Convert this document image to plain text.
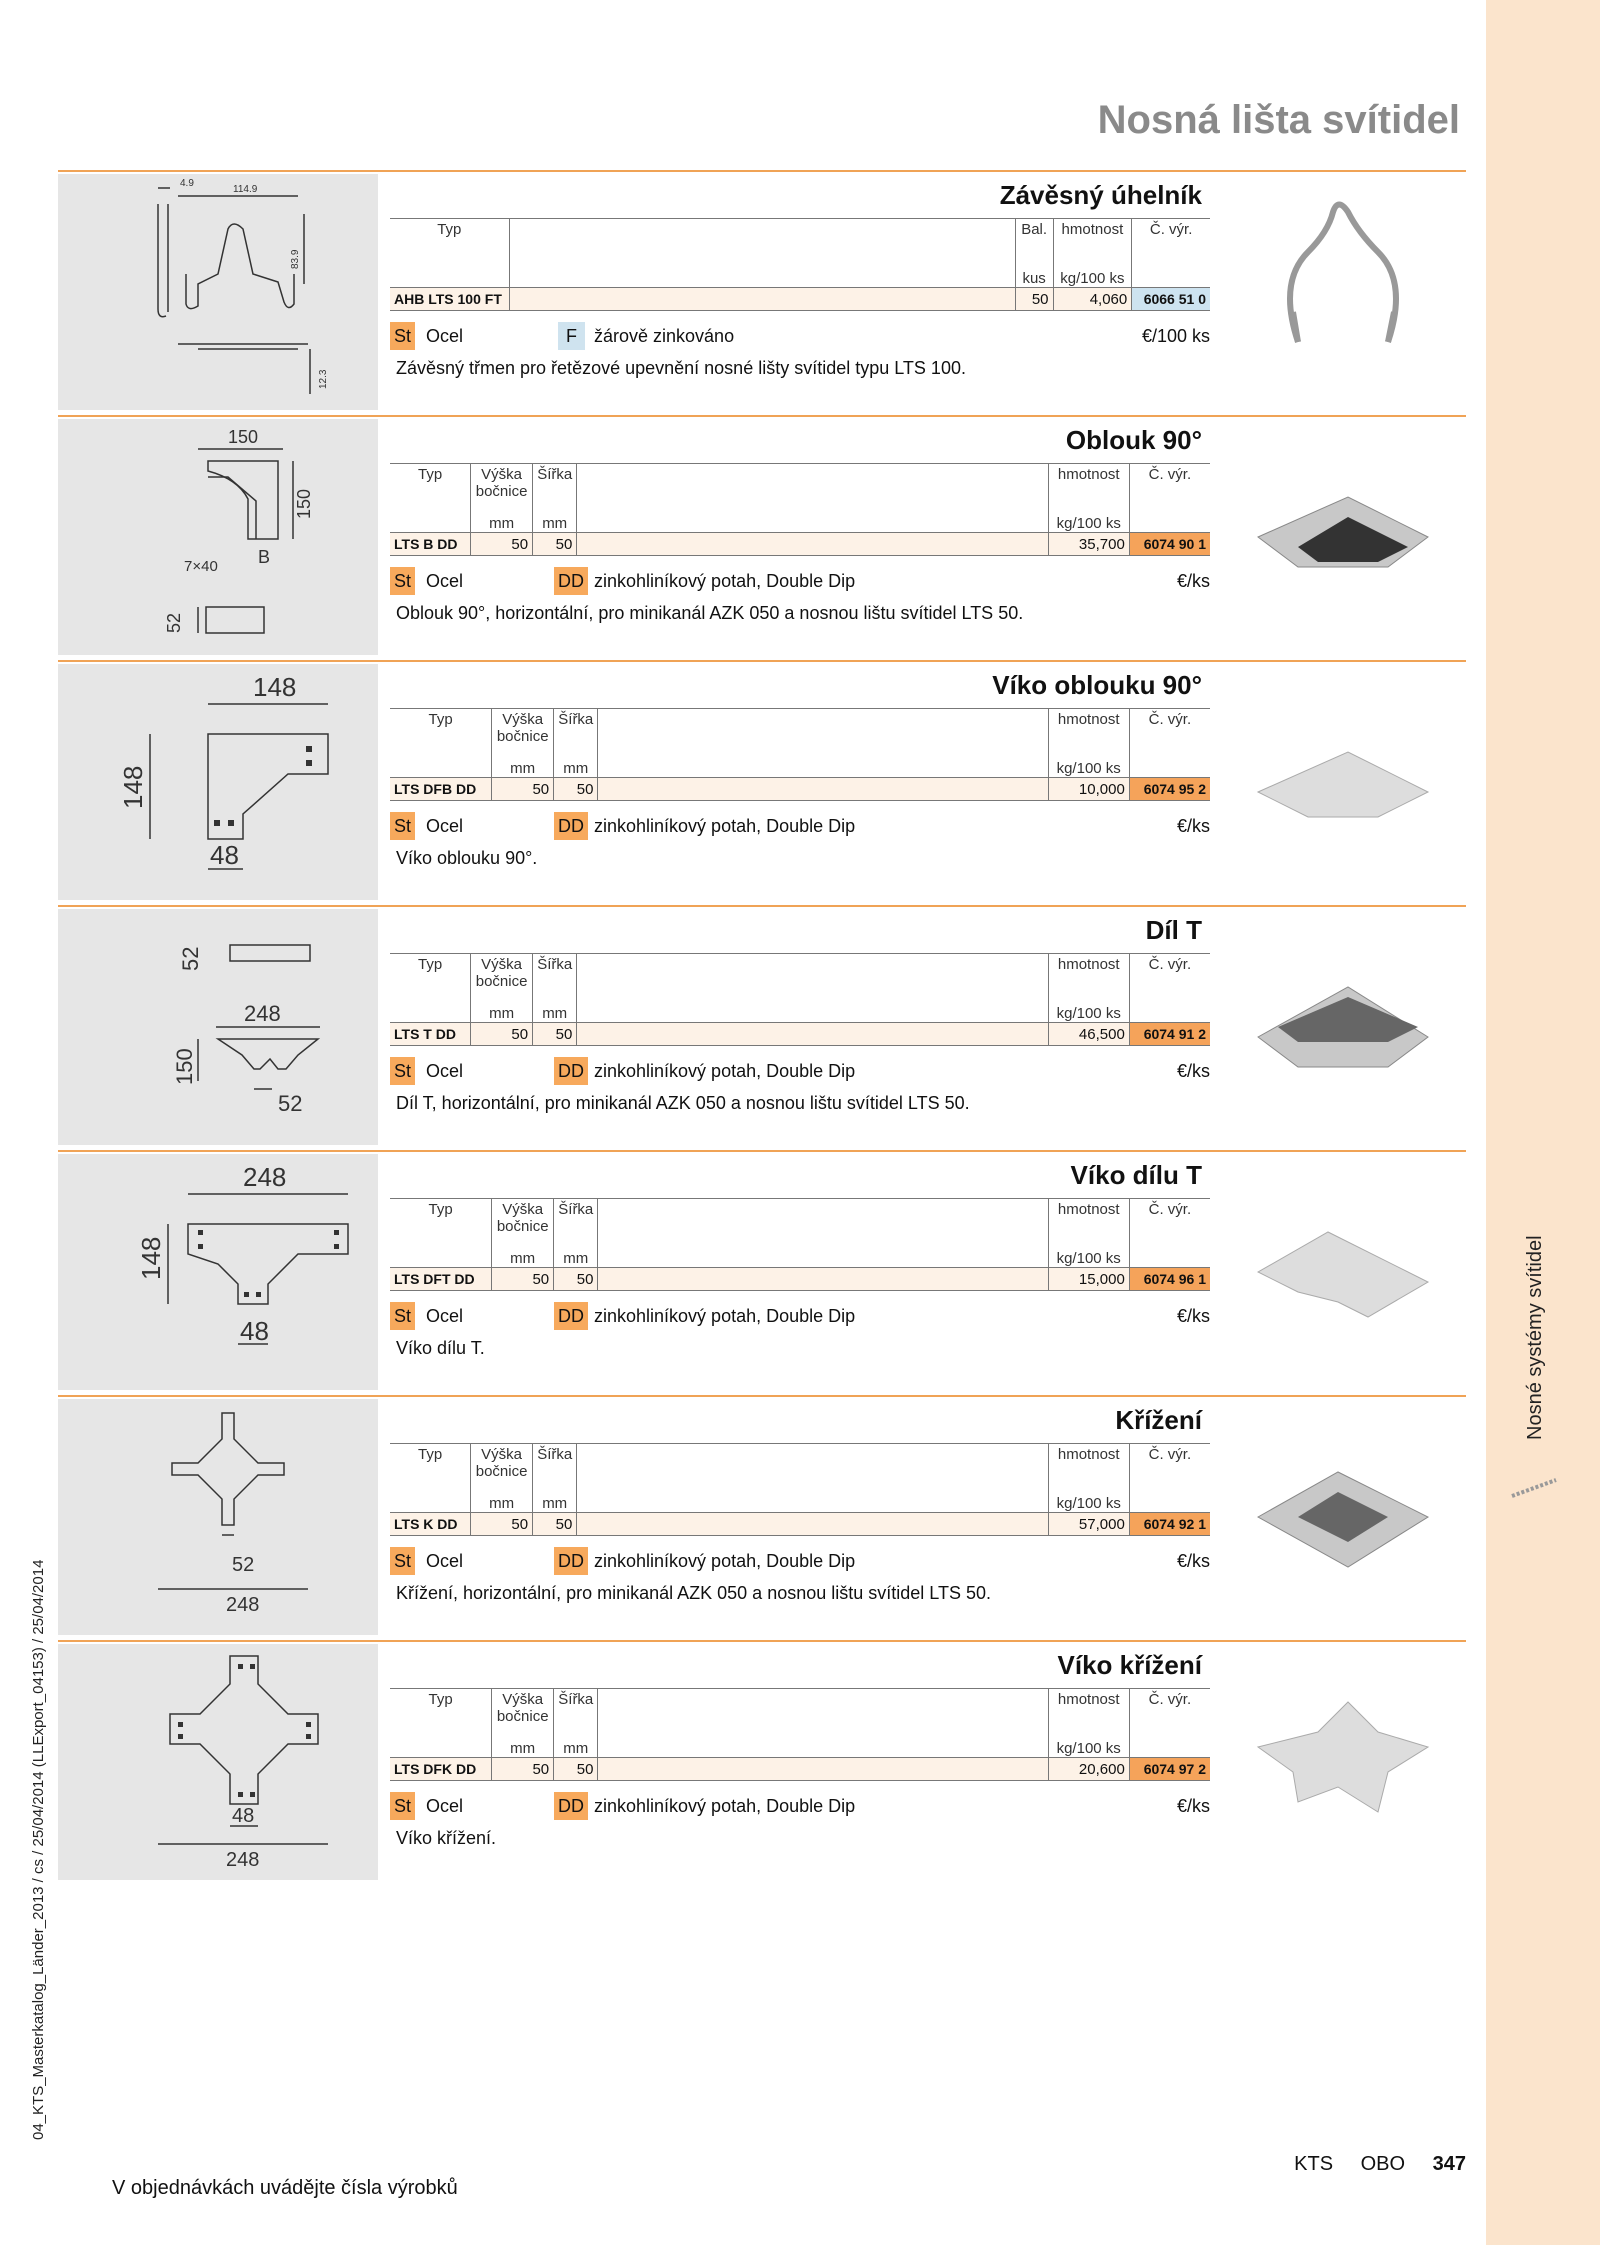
Nosná lišta svítidel
4.9
114.9
83.9
12.3
Závěsný úhelník
Typ			Bal.	hmotnost	Č. výr.
			kus	kg/100 ks	
AHB LTS 100 FT			50	4,060	6066 51 0
St Ocel	F žárově zinkováno	€/100 ks

Závěsný třmen pro řetězové upevnění nosné lišty svítidel typu LTS 100.

150
150
B
7×40
52
Oblouk 90°
Typ	Výška bočnice	Šířka		hmotnost	Č. výr.
	mm	mm		kg/100 ks	
LTS B DD	50	50		35,700	6074 90 1
St Ocel	DD zinkohliníkový potah, Double Dip	€/ks

Oblouk 90°, horizontální, pro minikanál AZK 050 a nosnou lištu svítidel LTS 50.

148
148
48
Víko oblouku 90°
Typ	Výška bočnice	Šířka		hmotnost	Č. výr.
	mm	mm		kg/100 ks	
LTS DFB DD	50	50		10,000	6074 95 2
St Ocel	DD zinkohliníkový potah, Double Dip	€/ks

Víko oblouku 90°.

52
248
150
52
Díl T
Typ	Výška bočnice	Šířka		hmotnost	Č. výr.
	mm	mm		kg/100 ks	
LTS T DD	50	50		46,500	6074 91 2
St Ocel	DD zinkohliníkový potah, Double Dip	€/ks

Díl T, horizontální, pro minikanál AZK 050 a nosnou lištu svítidel LTS 50.

248
148
48
Víko dílu T
Typ	Výška bočnice	Šířka		hmotnost	Č. výr.
	mm	mm		kg/100 ks	
LTS DFT DD	50	50		15,000	6074 96 1
St Ocel	DD zinkohliníkový potah, Double Dip	€/ks

Víko dílu T.

52
248
Křížení
Typ	Výška bočnice	Šířka		hmotnost	Č. výr.
	mm	mm		kg/100 ks	
LTS K DD	50	50		57,000	6074 92 1
St Ocel	DD zinkohliníkový potah, Double Dip	€/ks

Křížení, horizontální, pro minikanál AZK 050 a nosnou lištu svítidel LTS 50.

48
248
Víko křížení
Typ	Výška bočnice	Šířka		hmotnost	Č. výr.
	mm	mm		kg/100 ks	
LTS DFK DD	50	50		20,600	6074 97 2
St Ocel	DD zinkohliníkový potah, Double Dip	€/ks

Víko křížení.

04_KTS_Masterkatalog_Länder_2013 / cs / 25/04/2014 (LLExport_04153) / 25/04/2014
Nosné systémy svítidel
V objednávkách uvádějte čísla výrobků
KTS OBO 347
